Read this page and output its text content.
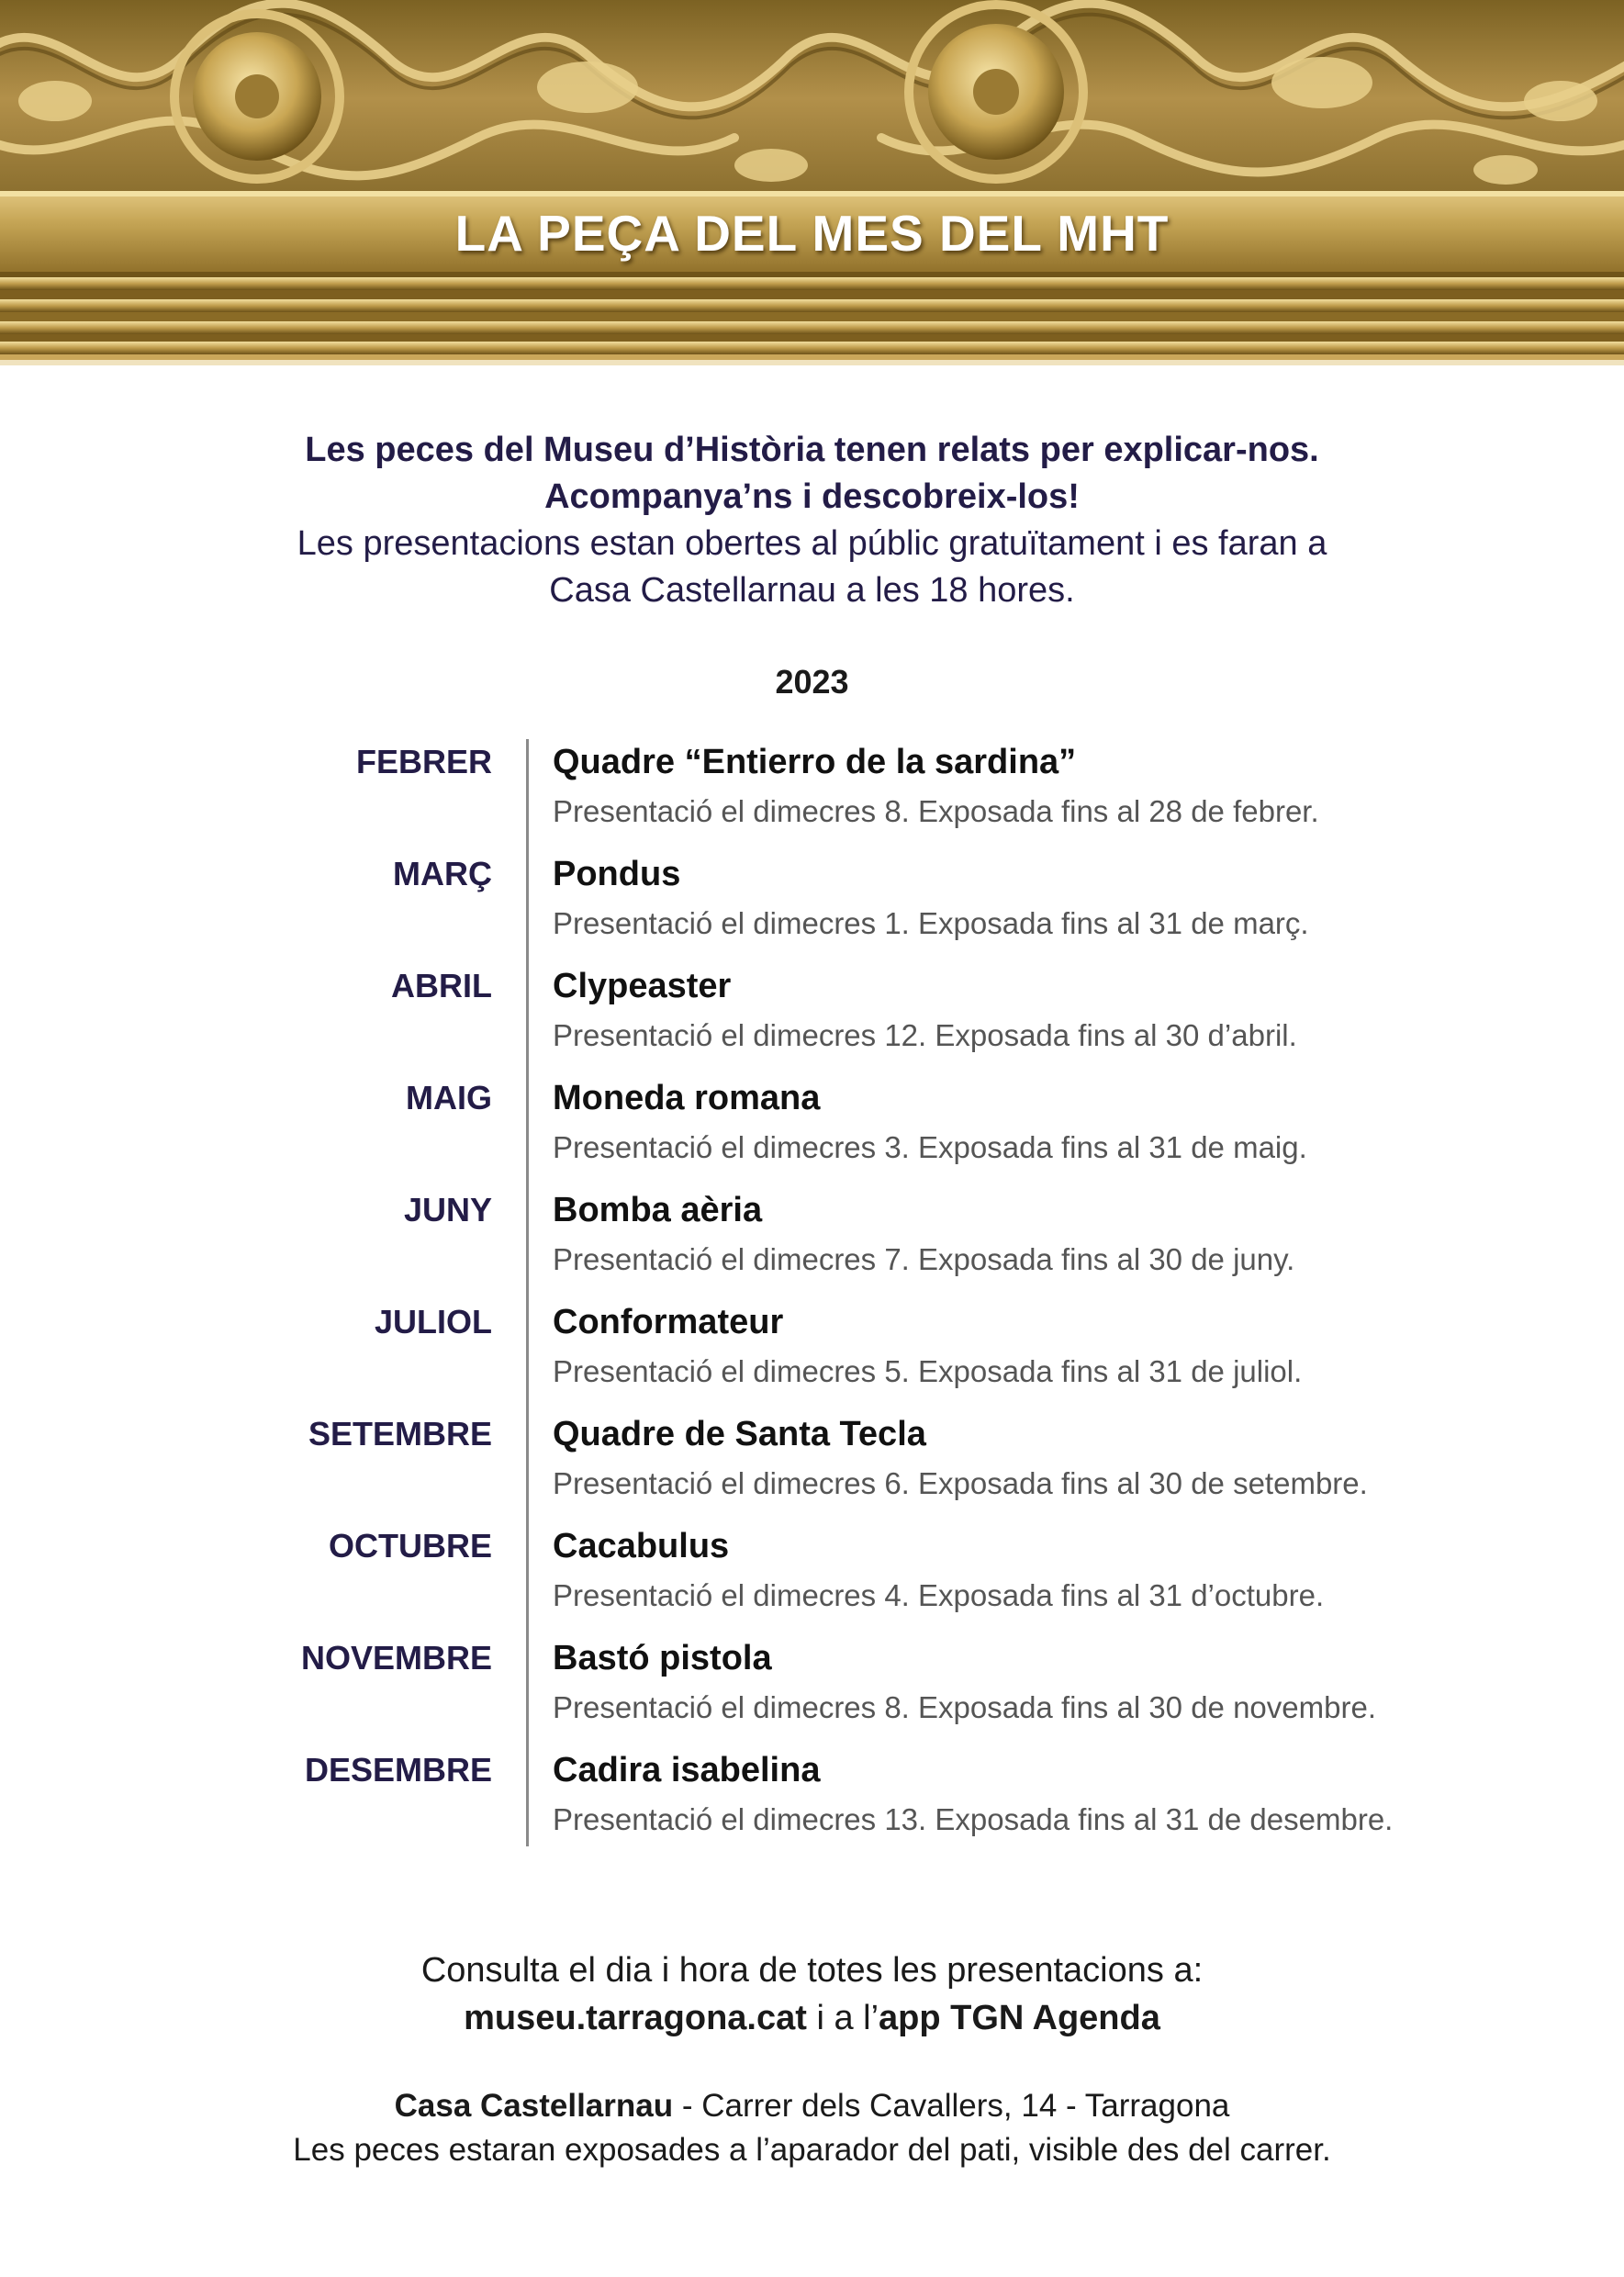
LA PEÇA DEL MES DEL MHT
Les peces del Museu d’Història tenen relats per explicar-nos.
Acompanya’ns i descobreix-los!
Les presentacions estan obertes al públic gratuïtament i es faran a
Casa Castellarnau a les 18 hores.
2023
FEBRER Quadre “Entierro de la sardina”
Presentació el dimecres 8. Exposada fins al 28 de febrer.
MARÇ Pondus
Presentació el dimecres 1. Exposada fins al 31 de març.
ABRIL Clypeaster
Presentació el dimecres 12. Exposada fins al 30 d’abril.
MAIG Moneda romana
Presentació el dimecres 3. Exposada fins al 31 de maig.
JUNY Bomba aèria
Presentació el dimecres 7. Exposada fins al 30 de juny.
JULIOL Conformateur
Presentació el dimecres 5. Exposada fins al 31 de juliol.
SETEMBRE Quadre de Santa Tecla
Presentació el dimecres 6. Exposada fins al 30 de setembre.
OCTUBRE Cacabulus
Presentació el dimecres 4. Exposada fins al 31 d’octubre.
NOVEMBRE Bastó pistola
Presentació el dimecres 8. Exposada fins al 30 de novembre.
DESEMBRE Cadira isabelina
Presentació el dimecres 13. Exposada fins al 31 de desembre.
Consulta el dia i hora de totes les presentacions a:
museu.tarragona.cat i a l’app TGN Agenda
Casa Castellarnau - Carrer dels Cavallers, 14 - Tarragona
Les peces estaran exposades a l’aparador del pati, visible des del carrer.
